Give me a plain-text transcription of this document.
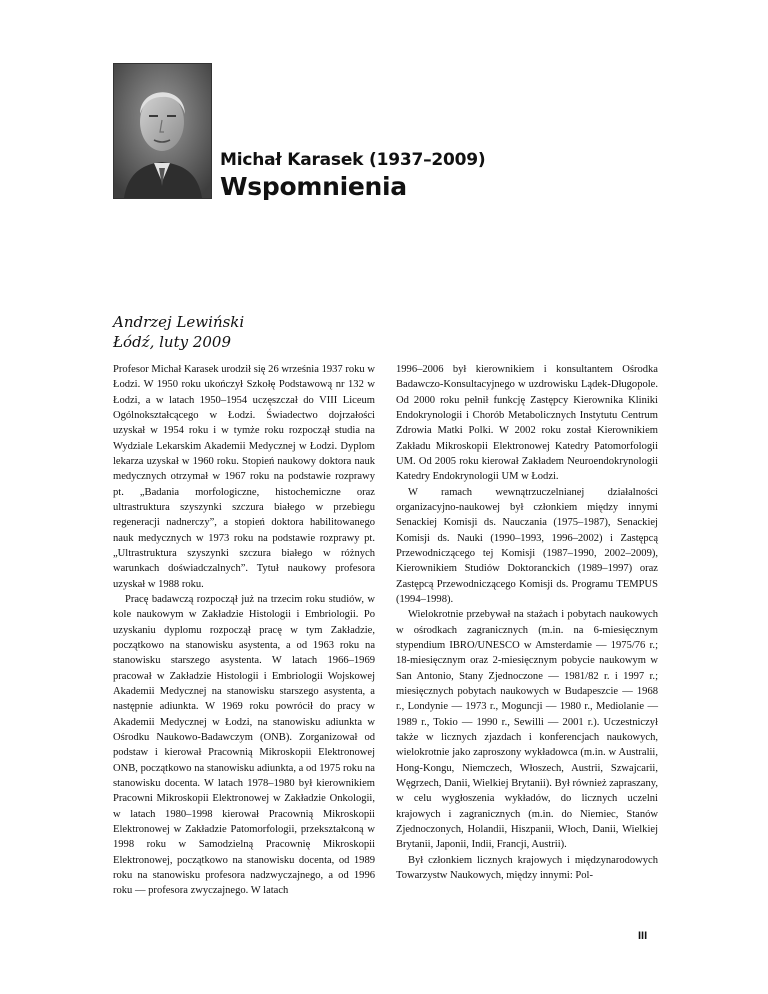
Michał Karasek (1937–2009)
Wspomnienia
Andrzej Lewiński
Łódź, luty 2009

Profesor Michał Karasek urodził się 26 września 1937 roku w Łodzi. W 1950 roku ukończył Szkołę Podstawową nr 132 w Łodzi, a w latach 1950–1954 uczęszczał do VIII Liceum Ogólnokształcącego w Łodzi. Świadectwo dojrzałości uzyskał w 1954 roku i w tymże roku rozpoczął studia na Wydziale Lekarskim Akademii Medycznej w Łodzi. Dyplom lekarza uzyskał w 1960 roku. Stopień naukowy doktora nauk medycznych otrzymał w 1967 roku na podstawie rozprawy pt. „Badania morfologiczne, histochemiczne oraz ultrastruktura szyszynki szczura białego w przebiegu regeneracji nadnerczy”, a stopień doktora habilitowanego nauk medycznych w 1973 roku na podstawie rozprawy pt. „Ultrastruktura szyszynki szczura białego w różnych warunkach doświadczalnych”. Tytuł naukowy profesora uzyskał w 1988 roku.

Pracę badawczą rozpoczął już na trzecim roku studiów, w kole naukowym w Zakładzie Histologii i Embriologii. Po uzyskaniu dyplomu rozpoczął pracę w tym Zakładzie, początkowo na stanowisku asystenta, a od 1963 roku na stanowisku starszego asystenta. W latach 1966–1969 pracował w Zakładzie Histologii i Embriologii Wojskowej Akademii Medycznej na stanowisku starszego asystenta, a następnie adiunkta. W 1969 roku powrócił do pracy w Akademii Medycznej w Łodzi, na stanowisku adiunkta w Ośrodku Naukowo-Badawczym (ONB). Zorganizował od podstaw i kierował Pracownią Mikroskopii Elektronowej ONB, początkowo na stanowisku adiunkta, a od 1975 roku na stanowisku docenta. W latach 1978–1980 był kierownikiem Pracowni Mikroskopii Elektronowej w Zakładzie Onkologii, w latach 1980–1998 kierował Pracownią Mikroskopii Elektronowej w Zakładzie Patomorfologii, przekształconą w 1998 roku w Samodzielną Pracownię Mikroskopii Elektronowej, początkowo na stanowisku docenta, od 1989 roku na stanowisku profesora nadzwyczajnego, a od 1996 roku — profesora zwyczajnego. W latach

1996–2006 był kierownikiem i konsultantem Ośrodka Badawczo-Konsultacyjnego w uzdrowisku Lądek-Długopole. Od 2000 roku pełnił funkcję Zastępcy Kierownika Kliniki Endokrynologii i Chorób Metabolicznych Instytutu Centrum Zdrowia Matki Polki. W 2002 roku został Kierownikiem Zakładu Mikroskopii Elektronowej Katedry Patomorfologii UM. Od 2005 roku kierował Zakładem Neuroendokrynologii Katedry Endokrynologii UM w Łodzi.

W ramach wewnątrzuczelnianej działalności organizacyjno-naukowej był członkiem między innymi Senackiej Komisji ds. Nauczania (1975–1987), Senackiej Komisji ds. Nauki (1990–1993, 1996–2002) i Zastępcą Przewodniczącego tej Komisji (1987–1990, 2002–2009), Kierownikiem Studiów Doktoranckich (1989–1997) oraz Zastępcą Przewodniczącego Komisji ds. Programu TEMPUS (1994–1998).

Wielokrotnie przebywał na stażach i pobytach naukowych w ośrodkach zagranicznych (m.in. na 6-miesięcznym stypendium IBRO/UNESCO w Amsterdamie — 1975/76 r.; 18-miesięcznym oraz 2-miesięcznym pobycie naukowym w San Antonio, Stany Zjednoczone — 1981/82 r. i 1997 r.; miesięcznych pobytach naukowych w Budapeszcie — 1968 r., Londynie — 1973 r., Moguncji — 1980 r., Mediolanie — 1989 r., Tokio — 1990 r., Sewilli — 2001 r.). Uczestniczył także w licznych zjazdach i konferencjach naukowych, wielokrotnie jako zaproszony wykładowca (m.in. w Australii, Hong-Kongu, Niemczech, Włoszech, Austrii, Szwajcarii, Węgrzech, Danii, Wielkiej Brytanii). Był również zapraszany, w celu wygłoszenia wykładów, do licznych uczelni krajowych i zagranicznych (m.in. do Niemiec, Stanów Zjednoczonych, Holandii, Hiszpanii, Włoch, Danii, Wielkiej Brytanii, Japonii, Indii, Francji, Austrii).

Był członkiem licznych krajowych i międzynarodowych Towarzystw Naukowych, między innymi: Pol-

III
